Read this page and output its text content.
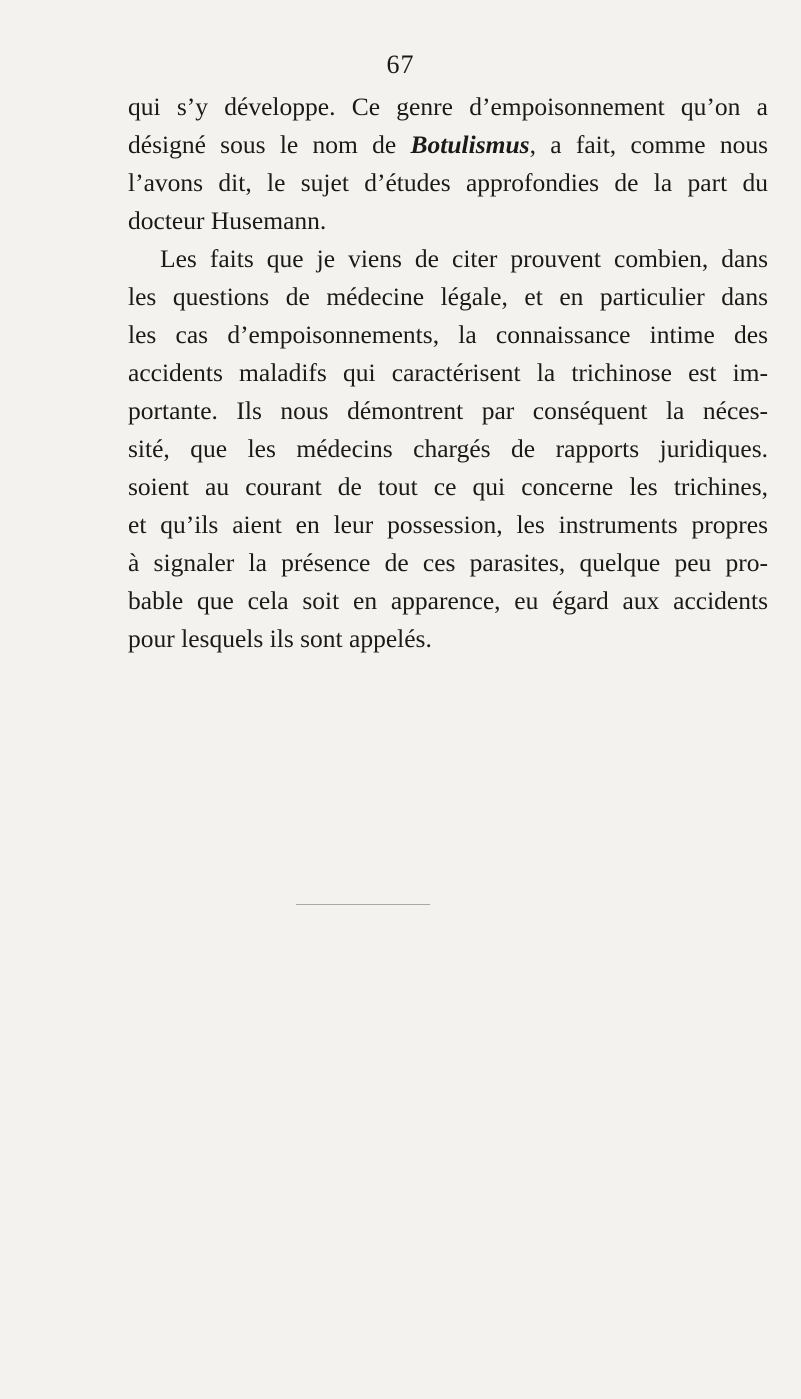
67
qui s’y développe. Ce genre d’empoisonnement qu’on a
désigné sous le nom de Botulismus, a fait, comme nous
l’avons dit, le sujet d’études approfondies de la part du
docteur Husemann.
Les faits que je viens de citer prouvent combien, dans
les questions de médecine légale, et en particulier dans
les cas d’empoisonnements, la connaissance intime des
accidents maladifs qui caractérisent la trichinose est im-
portante. Ils nous démontrent par conséquent la néces-
sité, que les médecins chargés de rapports juridiques.
soient au courant de tout ce qui concerne les trichines,
et qu’ils aient en leur possession, les instruments propres
à signaler la présence de ces parasites, quelque peu pro-
bable que cela soit en apparence, eu égard aux accidents
pour lesquels ils sont appelés.
